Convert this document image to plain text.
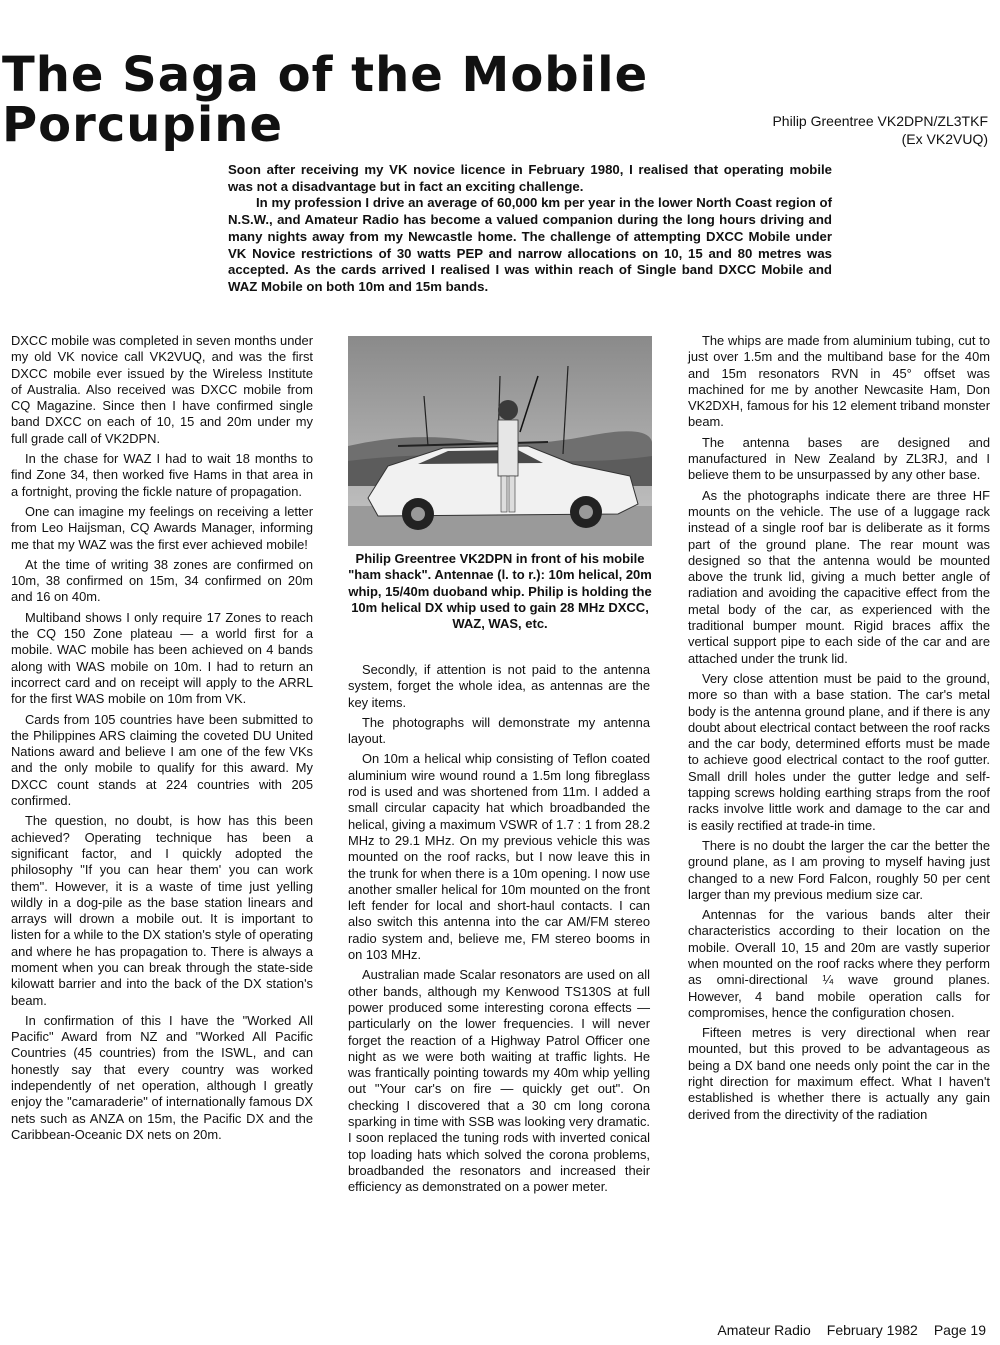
The Saga of the Mobile
Porcupine	Philip Greentree VK2DPN/ZL3TKF
(Ex VK2VUQ)

Soon after receiving my VK novice licence in February 1980, I realised that operating mobile was not a disadvantage but in fact an exciting challenge.

In my profession I drive an average of 60,000 km per year in the lower North Coast region of N.S.W., and Amateur Radio has become a valued companion during the long hours driving and many nights away from my Newcastle home. The challenge of attempting DXCC Mobile under VK Novice restrictions of 30 watts PEP and narrow allocations on 10, 15 and 80 metres was accepted. As the cards arrived I realised I was within reach of Single band DXCC Mobile and WAZ Mobile on both 10m and 15m bands.

DXCC mobile was completed in seven months under my old VK novice call VK2VUQ, and was the first DXCC mobile ever issued by the Wireless Institute of Australia. Also received was DXCC mobile from CQ Magazine. Since then I have confirmed single band DXCC on each of 10, 15 and 20m under my full grade call of VK2DPN.

In the chase for WAZ I had to wait 18 months to find Zone 34, then worked five Hams in that area in a fortnight, proving the fickle nature of propagation.

One can imagine my feelings on receiving a letter from Leo Haijsman, CQ Awards Manager, informing me that my WAZ was the first ever achieved mobile!

At the time of writing 38 zones are confirmed on 10m, 38 confirmed on 15m, 34 confirmed on 20m and 16 on 40m.

Multiband shows I only require 17 Zones to reach the CQ 150 Zone plateau — a world first for a mobile. WAC mobile has been achieved on 4 bands along with WAS mobile on 10m. I had to return an incorrect card and on receipt will apply to the ARRL for the first WAS mobile on 10m from VK.

Cards from 105 countries have been submitted to the Philippines ARS claiming the coveted DU United Nations award and believe I am one of the few VKs and the only mobile to qualify for this award. My DXCC count stands at 224 countries with 205 confirmed.

The question, no doubt, is how has this been achieved? Operating technique has been a significant factor, and I quickly adopted the philosophy "If you can hear them' you can work them". However, it is a waste of time just yelling wildly in a dog-pile as the base station linears and arrays will drown a mobile out. It is important to listen for a while to the DX station's style of operating and where he has propagation to. There is always a moment when you can break through the state-side kilowatt barrier and into the back of the DX station's beam.

In confirmation of this I have the "Worked All Pacific" Award from NZ and "Worked All Pacific Countries (45 countries) from the ISWL, and can honestly say that every country was worked independently of net operation, although I greatly enjoy the "camaraderie" of internationally famous DX nets such as ANZA on 15m, the Pacific DX and the Caribbean-Oceanic DX nets on 20m.

Philip Greentree VK2DPN in front of his mobile "ham shack". Antennae (l. to r.): 10m helical, 20m whip, 15/40m duoband whip. Philip is holding the 10m helical DX whip used to gain 28 MHz DXCC, WAZ, WAS, etc.

Secondly, if attention is not paid to the antenna system, forget the whole idea, as antennas are the key items.

The photographs will demonstrate my antenna layout.

On 10m a helical whip consisting of Teflon coated aluminium wire wound round a 1.5m long fibreglass rod is used and was shortened from 11m. I added a small circular capacity hat which broadbanded the helical, giving a maximum VSWR of 1.7 : 1 from 28.2 MHz to 29.1 MHz. On my previous vehicle this was mounted on the roof racks, but I now leave this in the trunk for when there is a 10m opening. I now use another smaller helical for 10m mounted on the front left fender for local and short-haul contacts. I can also switch this antenna into the car AM/FM stereo radio system and, believe me, FM stereo booms in on 103 MHz.

Australian made Scalar resonators are used on all other bands, although my Kenwood TS130S at full power produced some interesting corona effects — particularly on the lower frequencies. I will never forget the reaction of a Highway Patrol Officer one night as we were both waiting at traffic lights. He was frantically pointing towards my 40m whip yelling out "Your car's on fire — quickly get out". On checking I discovered that a 30 cm long corona sparking in time with SSB was looking very dramatic. I soon replaced the tuning rods with inverted conical top loading hats which solved the corona problems, broadbanded the resonators and increased their efficiency as demonstrated on a power meter.

The whips are made from aluminium tubing, cut to just over 1.5m and the multiband base for the 40m and 15m resonators RVN in 45° offset was machined for me by another Newcasite Ham, Don VK2DXH, famous for his 12 element triband monster beam.

The antenna bases are designed and manufactured in New Zealand by ZL3RJ, and I believe them to be unsurpassed by any other base.

As the photographs indicate there are three HF mounts on the vehicle. The use of a luggage rack instead of a single roof bar is deliberate as it forms part of the ground plane. The rear mount was designed so that the antenna would be mounted above the trunk lid, giving a much better angle of radiation and avoiding the capacitive effect from the metal body of the car, as experienced with the traditional bumper mount. Rigid braces affix the vertical support pipe to each side of the car and are attached under the trunk lid.

Very close attention must be paid to the ground, more so than with a base station. The car's metal body is the antenna ground plane, and if there is any doubt about electrical contact between the roof racks and the car body, determined efforts must be made to achieve good electrical contact to the roof gutter. Small drill holes under the gutter ledge and self-tapping screws holding earthing straps from the roof racks involve little work and damage to the car and is easily rectified at trade-in time.

There is no doubt the larger the car the better the ground plane, as I am proving to myself having just changed to a new Ford Falcon, roughly 50 per cent larger than my previous medium size car.

Antennas for the various bands alter their characteristics according to their location on the mobile. Overall 10, 15 and 20m are vastly superior when mounted on the roof racks where they perform as omni-directional ¼ wave ground planes. However, 4 band mobile operation calls for compromises, hence the configuration chosen.

Fifteen metres is very directional when rear mounted, but this proved to be advantageous as being a DX band one needs only point the car in the right direction for maximum effect. What I haven't established is whether there is actually any gain derived from the directivity of the radiation

Amateur Radio February 1982 Page 19
